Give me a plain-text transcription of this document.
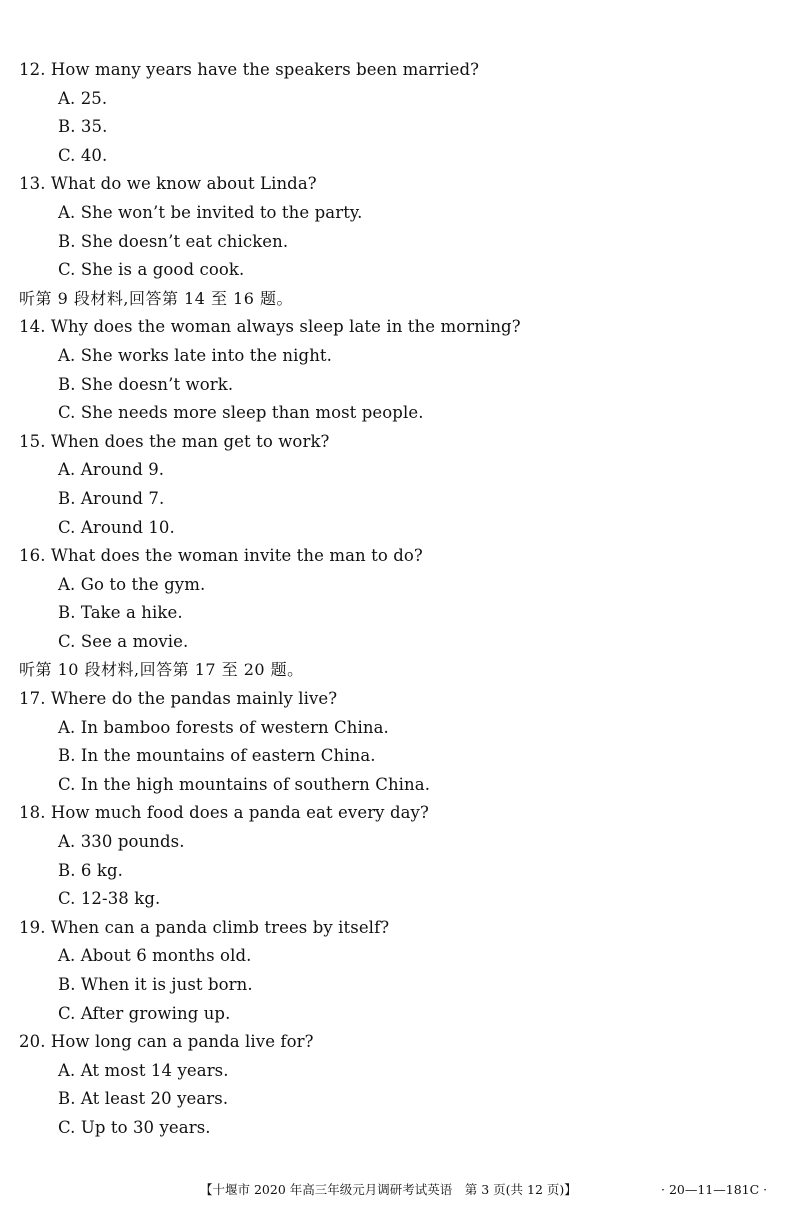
12. How many years have the speakers been married?
A. 25.
B. 35.
C. 40.
13. What do we know about Linda?
A. She won’t be invited to the party.
B. She doesn’t eat chicken.
C. She is a good cook.
听第 9 段材料,回答第 14 至 16 题。
14. Why does the woman always sleep late in the morning?
A. She works late into the night.
B. She doesn’t work.
C. She needs more sleep than most people.
15. When does the man get to work?
A. Around 9.
B. Around 7.
C. Around 10.
16. What does the woman invite the man to do?
A. Go to the gym.
B. Take a hike.
C. See a movie.
听第 10 段材料,回答第 17 至 20 题。
17. Where do the pandas mainly live?
A. In bamboo forests of western China.
B. In the mountains of eastern China.
C. In the high mountains of southern China.
18. How much food does a panda eat every day?
A. 330 pounds.
B. 6 kg.
C. 12-38 kg.
19. When can a panda climb trees by itself?
A. About 6 months old.
B. When it is just born.
C. After growing up.
20. How long can a panda live for?
A. At most 14 years.
B. At least 20 years.
C. Up to 30 years.
【十堰市 2020 年高三年级元月调研考试英语　第 3 页(共 12 页)】	· 20—11—181C ·
